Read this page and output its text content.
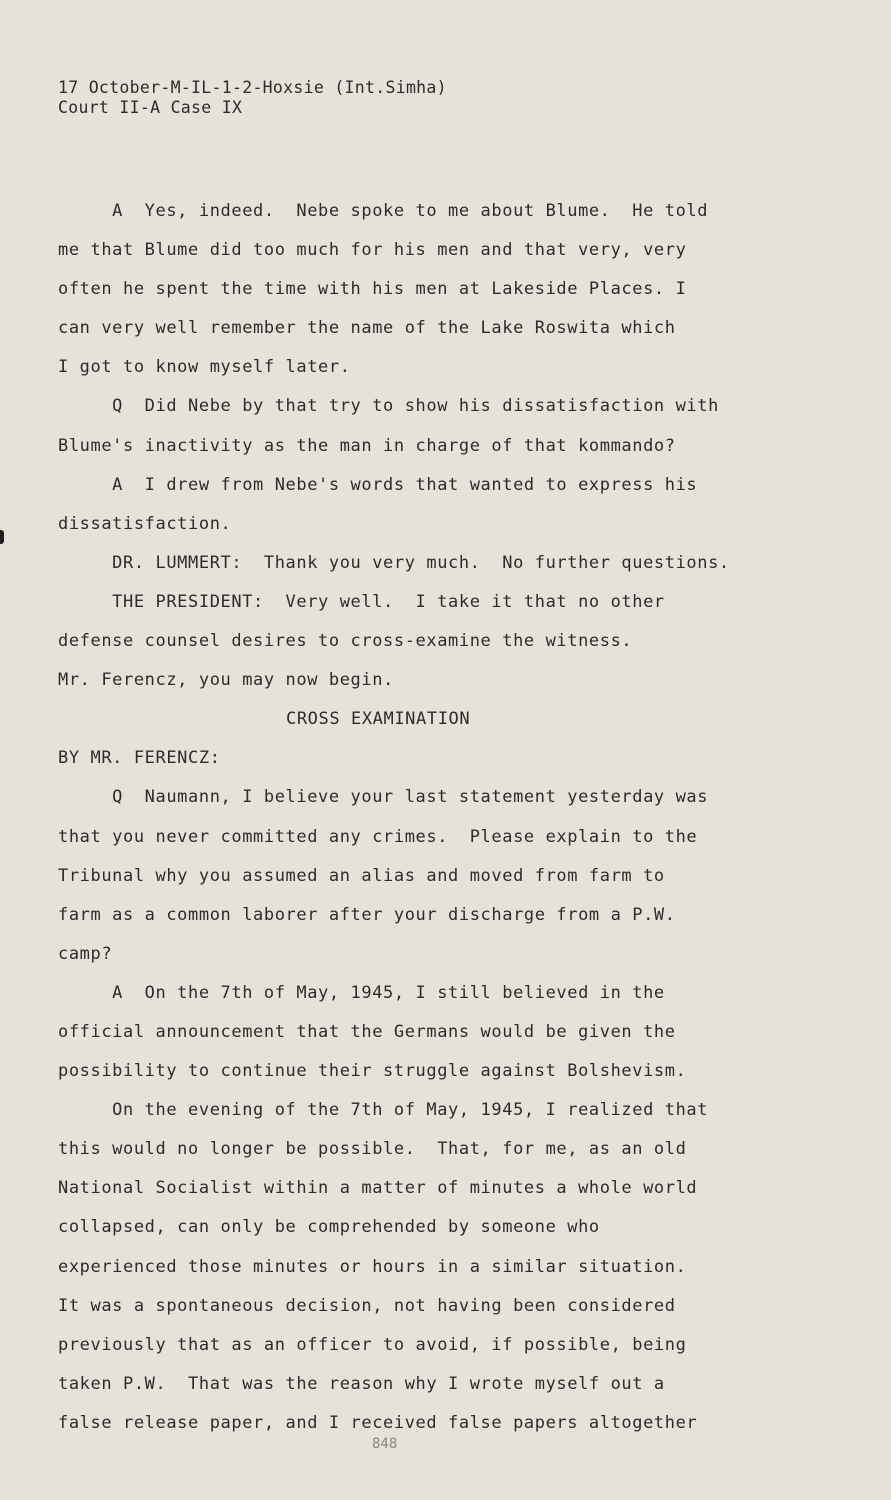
17 October-M-IL-1-2-Hoxsie (Int.Simha)
Court II-A Case IX
A  Yes, indeed.  Nebe spoke to me about Blume.  He told
me that Blume did too much for his men and that very, very
often he spent the time with his men at Lakeside Places. I
can very well remember the name of the Lake Roswita which
I got to know myself later.
Q  Did Nebe by that try to show his dissatisfaction with
Blume's inactivity as the man in charge of that kommando?
A  I drew from Nebe's words that wanted to express his
dissatisfaction.
DR. LUMMERT:  Thank you very much.  No further questions.
THE PRESIDENT:  Very well.  I take it that no other
defense counsel desires to cross-examine the witness.
Mr. Ferencz, you may now begin.
CROSS EXAMINATION
BY MR. FERENCZ:
Q  Naumann, I believe your last statement yesterday was
that you never committed any crimes.  Please explain to the
Tribunal why you assumed an alias and moved from farm to
farm as a common laborer after your discharge from a P.W.
camp?
A  On the 7th of May, 1945, I still believed in the
official announcement that the Germans would be given the
possibility to continue their struggle against Bolshevism.
On the evening of the 7th of May, 1945, I realized that
this would no longer be possible.  That, for me, as an old
National Socialist within a matter of minutes a whole world
collapsed, can only be comprehended by someone who
experienced those minutes or hours in a similar situation.
It was a spontaneous decision, not having been considered
previously that as an officer to avoid, if possible, being
taken P.W.  That was the reason why I wrote myself out a
false release paper, and I received false papers altogether
848
